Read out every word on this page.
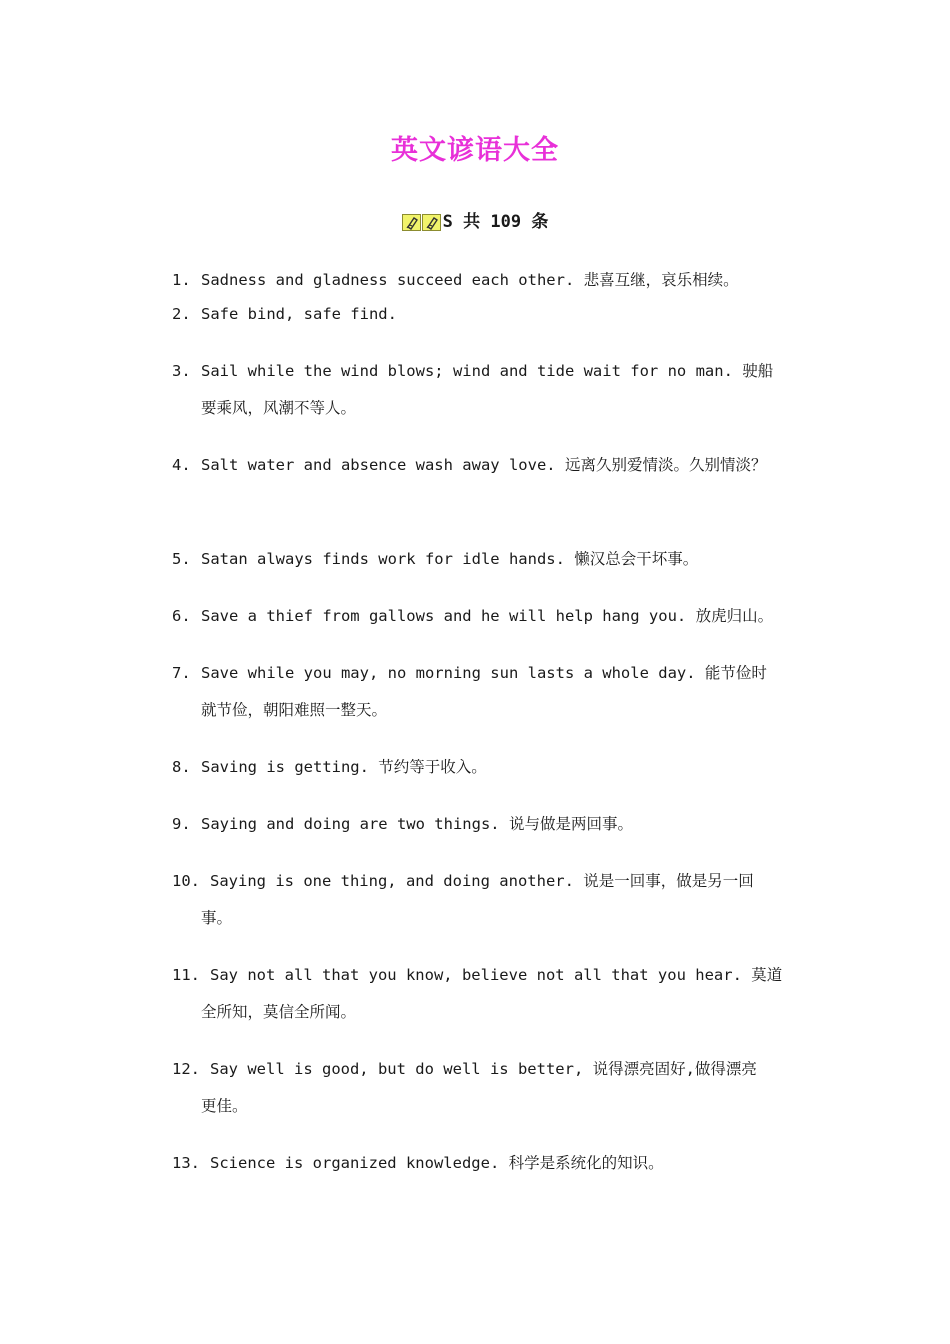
英文谚语大全
S 共 109 条
1. Sadness and gladness succeed each other. 悲喜互继，哀乐相续。
2. Safe bind, safe find.
3. Sail while the wind blows; wind and tide wait for no man. 驶船
要乘风，风潮不等人。
4. Salt water and absence wash away love. 远离久别爱情淡。久别情淡？
5. Satan always finds work for idle hands. 懒汉总会干坏事。
6. Save a thief from gallows and he will help hang you. 放虎归山。
7. Save while you may, no morning sun lasts a whole day. 能节俭时
就节俭，朝阳难照一整天。
8. Saving is getting. 节约等于收入。
9. Saying and doing are two things. 说与做是两回事。
10. Saying is one thing, and doing another. 说是一回事，做是另一回
事。
11. Say not all that you know, believe not all that you hear. 莫道
全所知，莫信全所闻。
12. Say well is good, but do well is better, 说得漂亮固好,做得漂亮
更佳。
13. Science is organized knowledge. 科学是系统化的知识。
